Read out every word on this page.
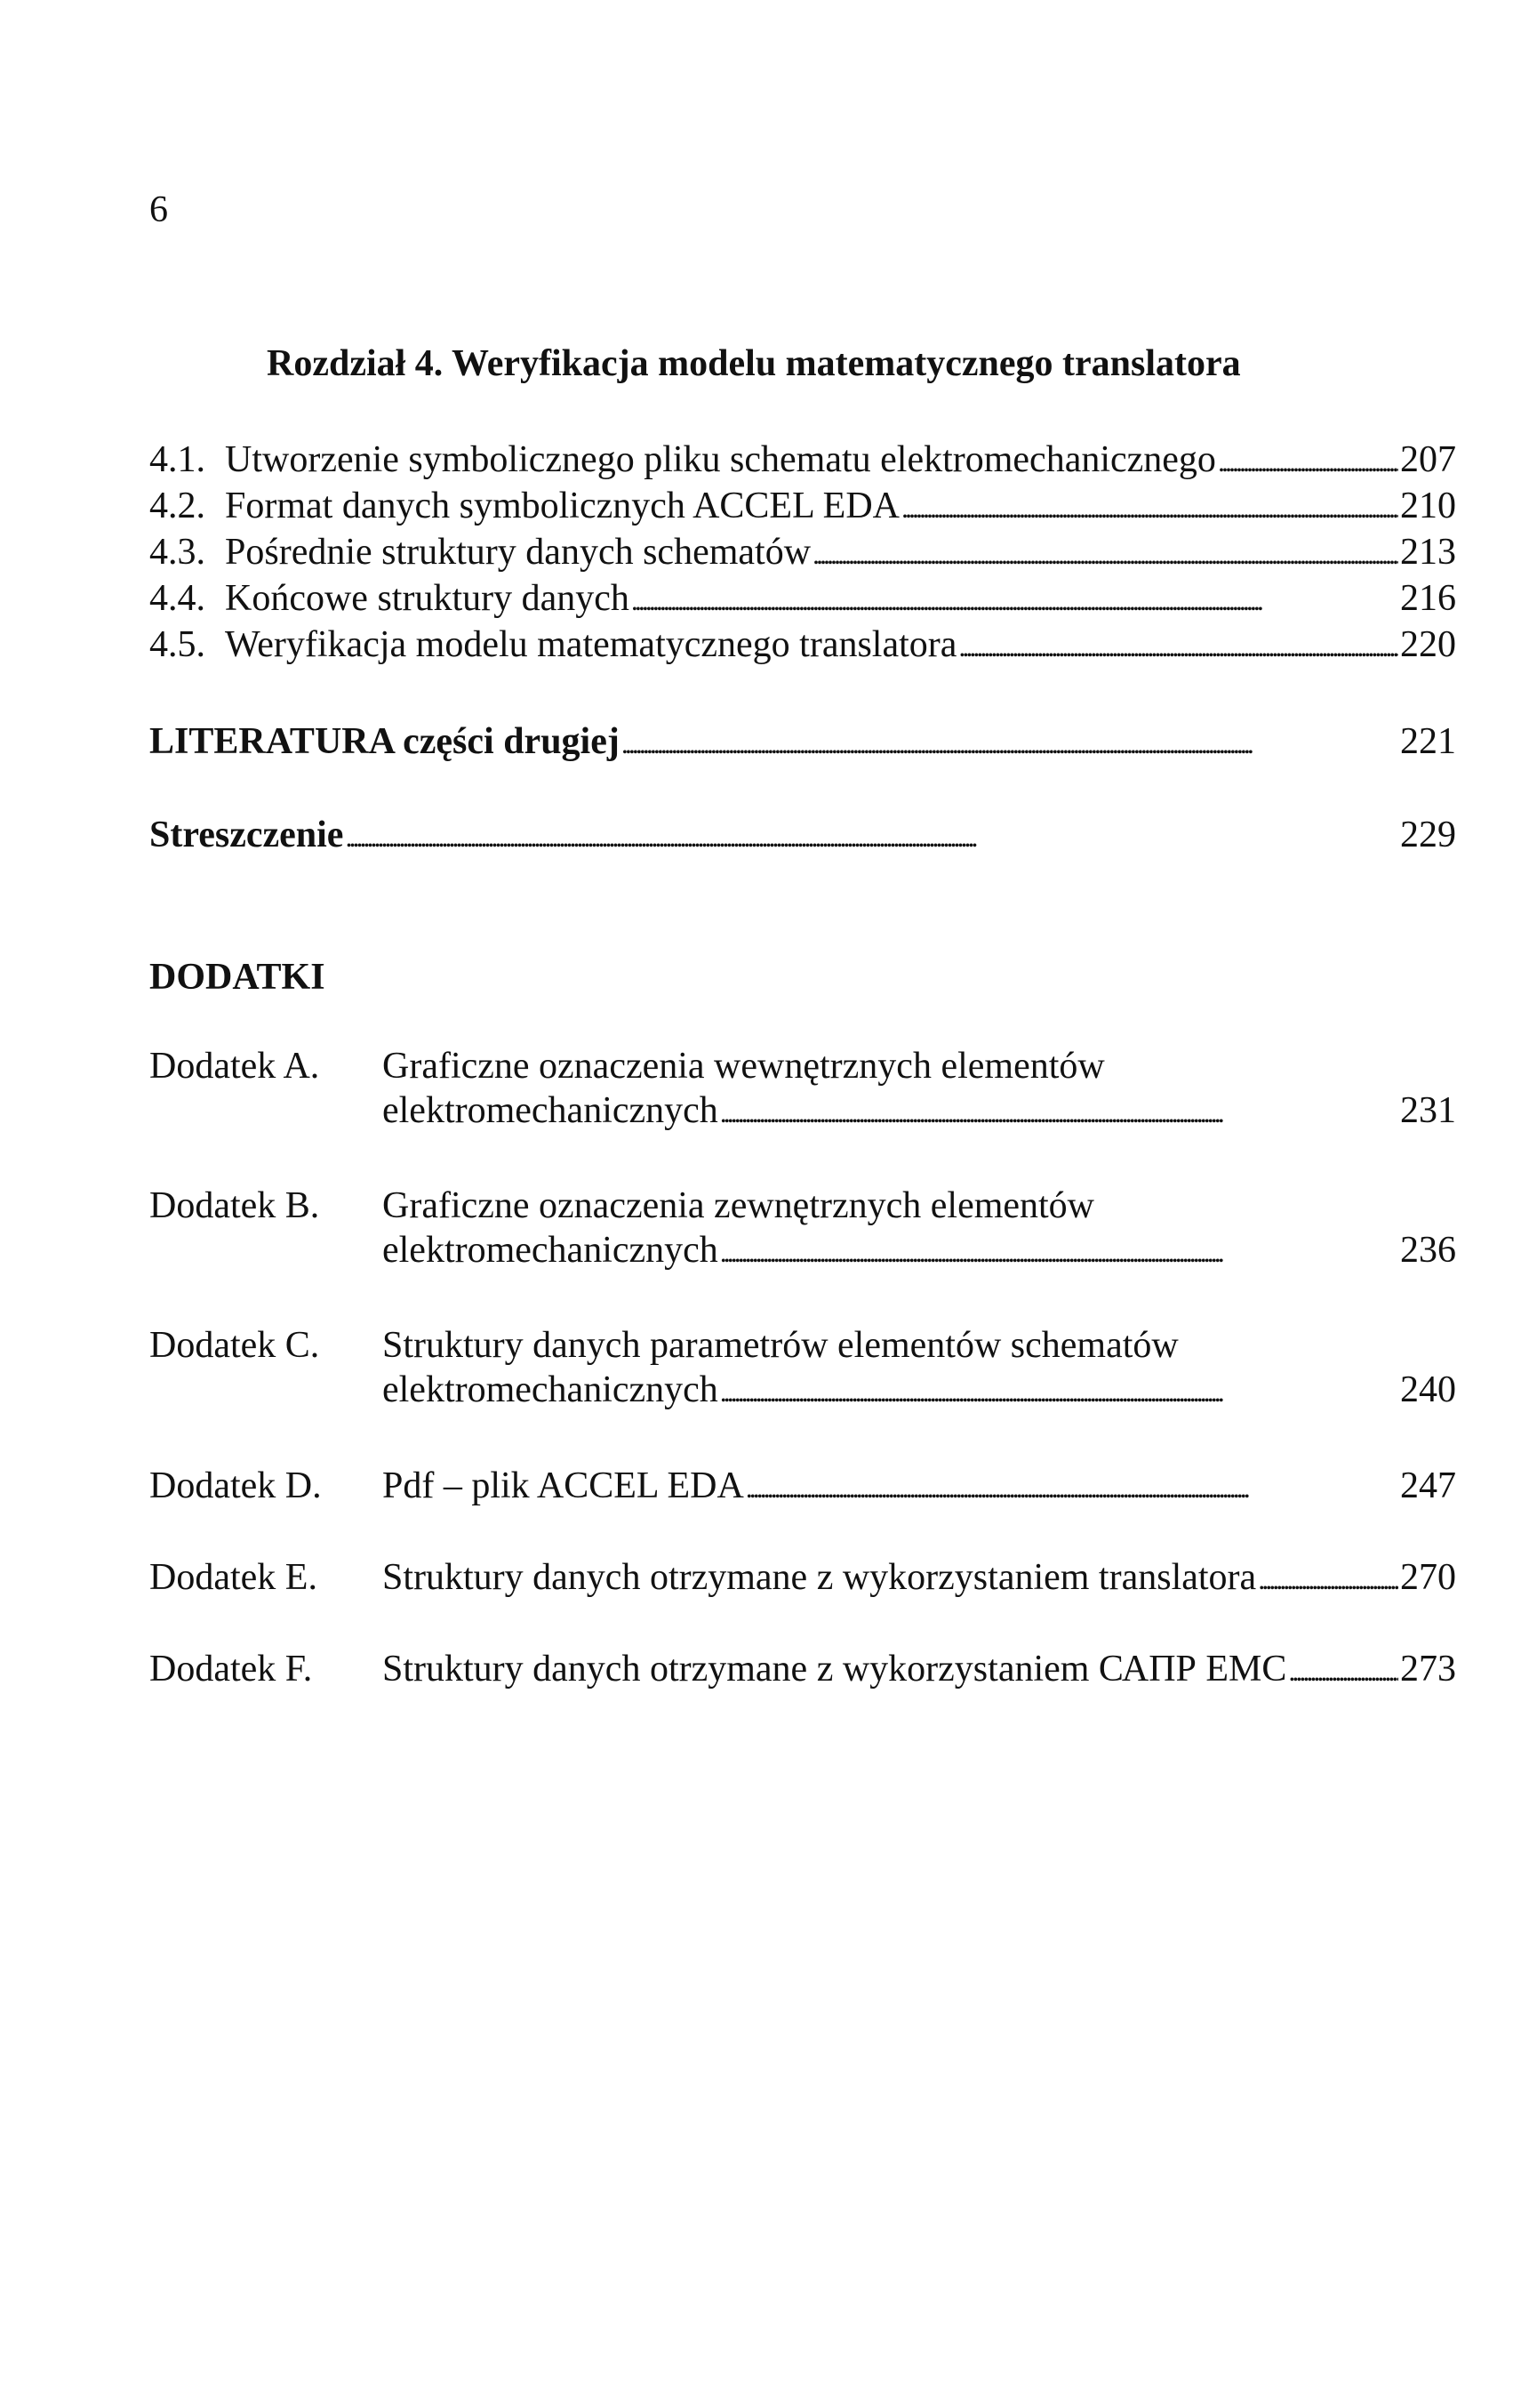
6
Rozdział 4. Weryfikacja modelu matematycznego translatora
4.1. Utworzenie symbolicznego pliku schematu elektromechanicznego . . .	207
4.2. Format danych symbolicznych ACCEL EDA . . .	210
4.3. Pośrednie struktury danych schematów . . .	213
4.4. Końcowe struktury danych . . .	216
4.5. Weryfikacja modelu matematycznego translatora . . .	220
LITERATURA części drugiej . . .	221
Streszczenie . . .	229
DODATKI
Dodatek A. Graficzne oznaczenia wewnętrznych elementów
elektromechanicznych . . .	231
Dodatek B. Graficzne oznaczenia zewnętrznych elementów
elektromechanicznych . . .	236
Dodatek C. Struktury danych parametrów elementów schematów
elektromechanicznych . . .	240
Dodatek D. Pdf – plik ACCEL EDA . . .	247
Dodatek E. Struktury danych otrzymane z wykorzystaniem translatora . . .	270
Dodatek F. Struktury danych otrzymane z wykorzystaniem САПР ЕМС . . .	273
